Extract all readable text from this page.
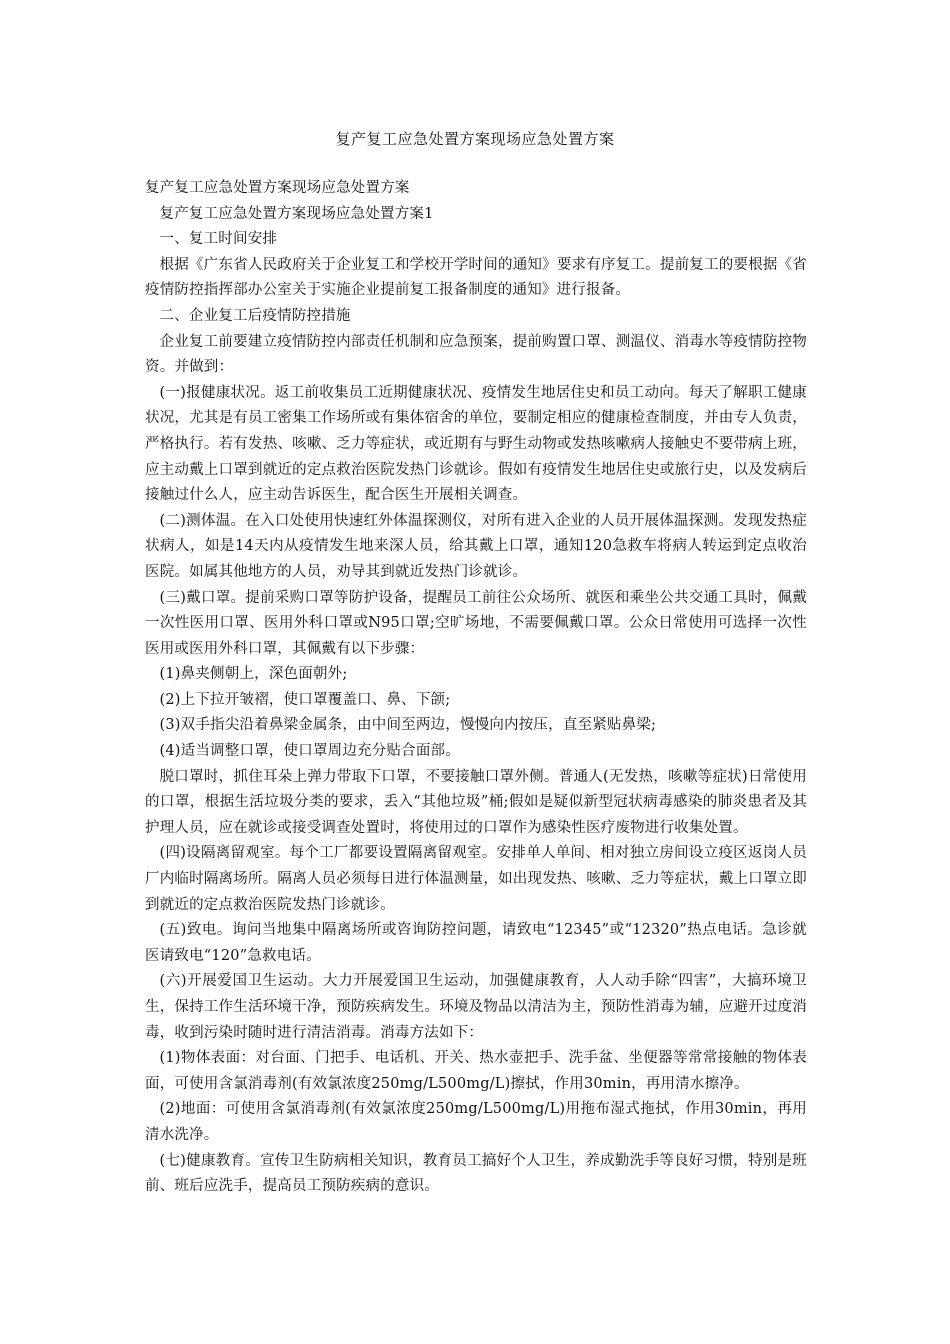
复产复工应急处置方案现场应急处置方案

复产复工应急处置方案现场应急处置方案

复产复工应急处置方案现场应急处置方案1

一、复工时间安排

根据《广东省人民政府关于企业复工和学校开学时间的通知》要求有序复工。提前复工的要根据《省疫情防控指挥部办公室关于实施企业提前复工报备制度的通知》进行报备。

二、企业复工后疫情防控措施

企业复工前要建立疫情防控内部责任机制和应急预案，提前购置口罩、测温仪、消毒水等疫情防控物资。并做到：

(一)报健康状况。返工前收集员工近期健康状况、疫情发生地居住史和员工动向。每天了解职工健康状况，尤其是有员工密集工作场所或有集体宿舍的单位，要制定相应的健康检查制度，并由专人负责，严格执行。若有发热、咳嗽、乏力等症状，或近期有与野生动物或发热咳嗽病人接触史不要带病上班，应主动戴上口罩到就近的定点救治医院发热门诊就诊。假如有疫情发生地居住史或旅行史，以及发病后接触过什么人，应主动告诉医生，配合医生开展相关调查。

(二)测体温。在入口处使用快速红外体温探测仪，对所有进入企业的人员开展体温探测。发现发热症状病人，如是14天内从疫情发生地来深人员，给其戴上口罩，通知120急救车将病人转运到定点收治医院。如属其他地方的人员，劝导其到就近发热门诊就诊。

(三)戴口罩。提前采购口罩等防护设备，提醒员工前往公众场所、就医和乘坐公共交通工具时，佩戴一次性医用口罩、医用外科口罩或N95口罩;空旷场地，不需要佩戴口罩。公众日常使用可选择一次性医用或医用外科口罩，其佩戴有以下步骤：

(1)鼻夹侧朝上，深色面朝外;

(2)上下拉开皱褶，使口罩覆盖口、鼻、下颌;

(3)双手指尖沿着鼻梁金属条，由中间至两边，慢慢向内按压，直至紧贴鼻梁;

(4)适当调整口罩，使口罩周边充分贴合面部。

脱口罩时，抓住耳朵上弹力带取下口罩，不要接触口罩外侧。普通人(无发热，咳嗽等症状)日常使用的口罩，根据生活垃圾分类的要求，丢入“其他垃圾”桶;假如是疑似新型冠状病毒感染的肺炎患者及其护理人员，应在就诊或接受调查处置时，将使用过的口罩作为感染性医疗废物进行收集处置。

(四)设隔离留观室。每个工厂都要设置隔离留观室。安排单人单间、相对独立房间设立疫区返岗人员厂内临时隔离场所。隔离人员必须每日进行体温测量，如出现发热、咳嗽、乏力等症状，戴上口罩立即到就近的定点救治医院发热门诊就诊。

(五)致电。询问当地集中隔离场所或咨询防控问题，请致电“12345”或“12320”热点电话。急诊就医请致电“120”急救电话。

(六)开展爱国卫生运动。大力开展爱国卫生运动，加强健康教育，人人动手除“四害”，大搞环境卫生，保持工作生活环境干净，预防疾病发生。环境及物品以清洁为主，预防性消毒为辅，应避开过度消毒，收到污染时随时进行清洁消毒。消毒方法如下：

(1)物体表面：对台面、门把手、电话机、开关、热水壶把手、洗手盆、坐便器等常常接触的物体表面，可使用含氯消毒剂(有效氯浓度250mg/L500mg/L)擦拭，作用30min，再用清水擦净。

(2)地面：可使用含氯消毒剂(有效氯浓度250mg/L500mg/L)用拖布湿式拖拭，作用30min，再用清水洗净。

(七)健康教育。宣传卫生防病相关知识，教育员工搞好个人卫生，养成勤洗手等良好习惯，特别是班前、班后应洗手，提高员工预防疾病的意识。
